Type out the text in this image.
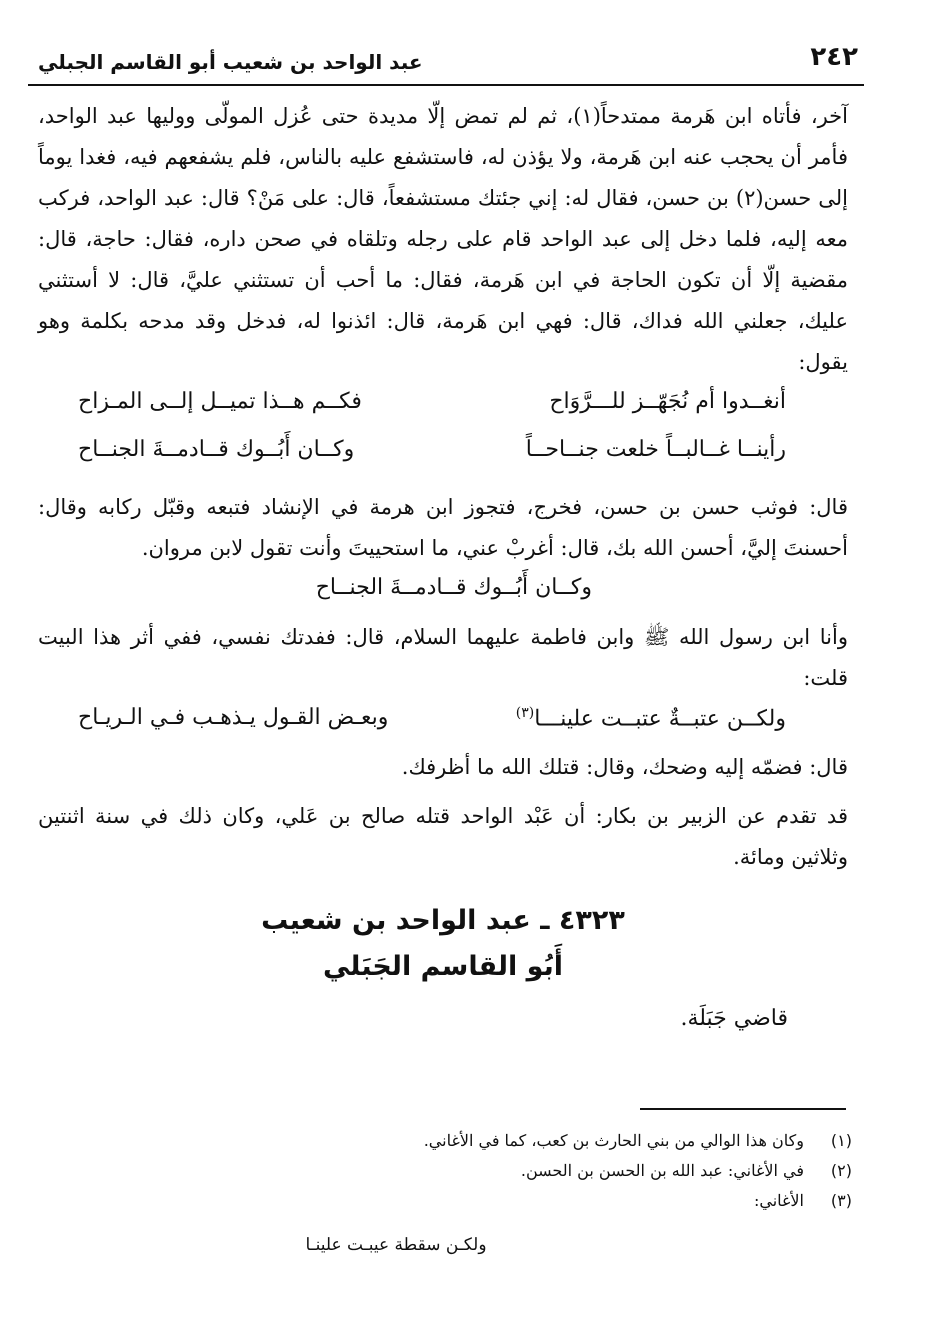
٢٤٢
عبد الواحد بن شعيب أبو القاسم الجبلي

آخر، فأتاه ابن هَرمة ممتدحاً(١)، ثم لم تمض إلّا مديدة حتى عُزل المولّى ووليها عبد الواحد، فأمر أن يحجب عنه ابن هَرمة، ولا يؤذن له، فاستشفع عليه بالناس، فلم يشفعهم فيه، فغدا يوماً إلى حسن(٢) بن حسن، فقال له: إني جئتك مستشفعاً، قال: على مَنْ؟ قال: عبد الواحد، فركب معه إليه، فلما دخل إلى عبد الواحد قام على رجله وتلقاه في صحن داره، فقال: حاجة، قال: مقضية إلّا أن تكون الحاجة في ابن هَرمة، فقال: ما أحب أن تستثني عليَّ، قال: لا أستثني عليك، جعلني الله فداك، قال: فهي ابن هَرمة، قال: ائذنوا له، فدخل وقد مدحه بكلمة وهو يقول:

أنغــدوا أم نُجَهّــز للـــرَّوَاح
فكــم هــذا تميــل إلــى المـزاح
رأينــا غــالبــاً خلعت جنــاحــاً
وكــان أَبُــوك قــادمــةَ الجنــاح

قال: فوثب حسن بن حسن، فخرج، فتجوز ابن هرمة في الإنشاد فتبعه وقبّل ركابه وقال: أحسنتَ إليَّ، أحسن الله بك، قال: أغربْ عني، ما استحييتَ وأنت تقول لابن مروان.

وكــان أَبُــوك قــادمــةَ الجنــاح

وأنا ابن رسول الله ﷺ وابن فاطمة عليهما السلام، قال: ففدتك نفسي، ففي أثر هذا البيت قلت:

ولكــن عتبــةٌ عتبــت علينـــا$^{(٣)}$
وبعـض القـول يـذهـب فـي الـريـاح

قال: فضمّه إليه وضحك، وقال: قتلك الله ما أظرفك.

قد تقدم عن الزبير بن بكار: أن عَبْد الواحد قتله صالح بن عَلي، وكان ذلك في سنة اثنتين وثلاثين ومائة.

٤٣٢٣ ـ عبد الواحد بن شعيب
أَبُو القاسم الجَبَلي
قاضي جَبَلَة.
(١)
وكان هذا الوالي من بني الحارث بن كعب، كما في الأغاني.
(٢)
في الأغاني: عبد الله بن الحسن بن الحسن.
(٣)
الأغاني:
ولكـن سقطة عيبـت علينـا
